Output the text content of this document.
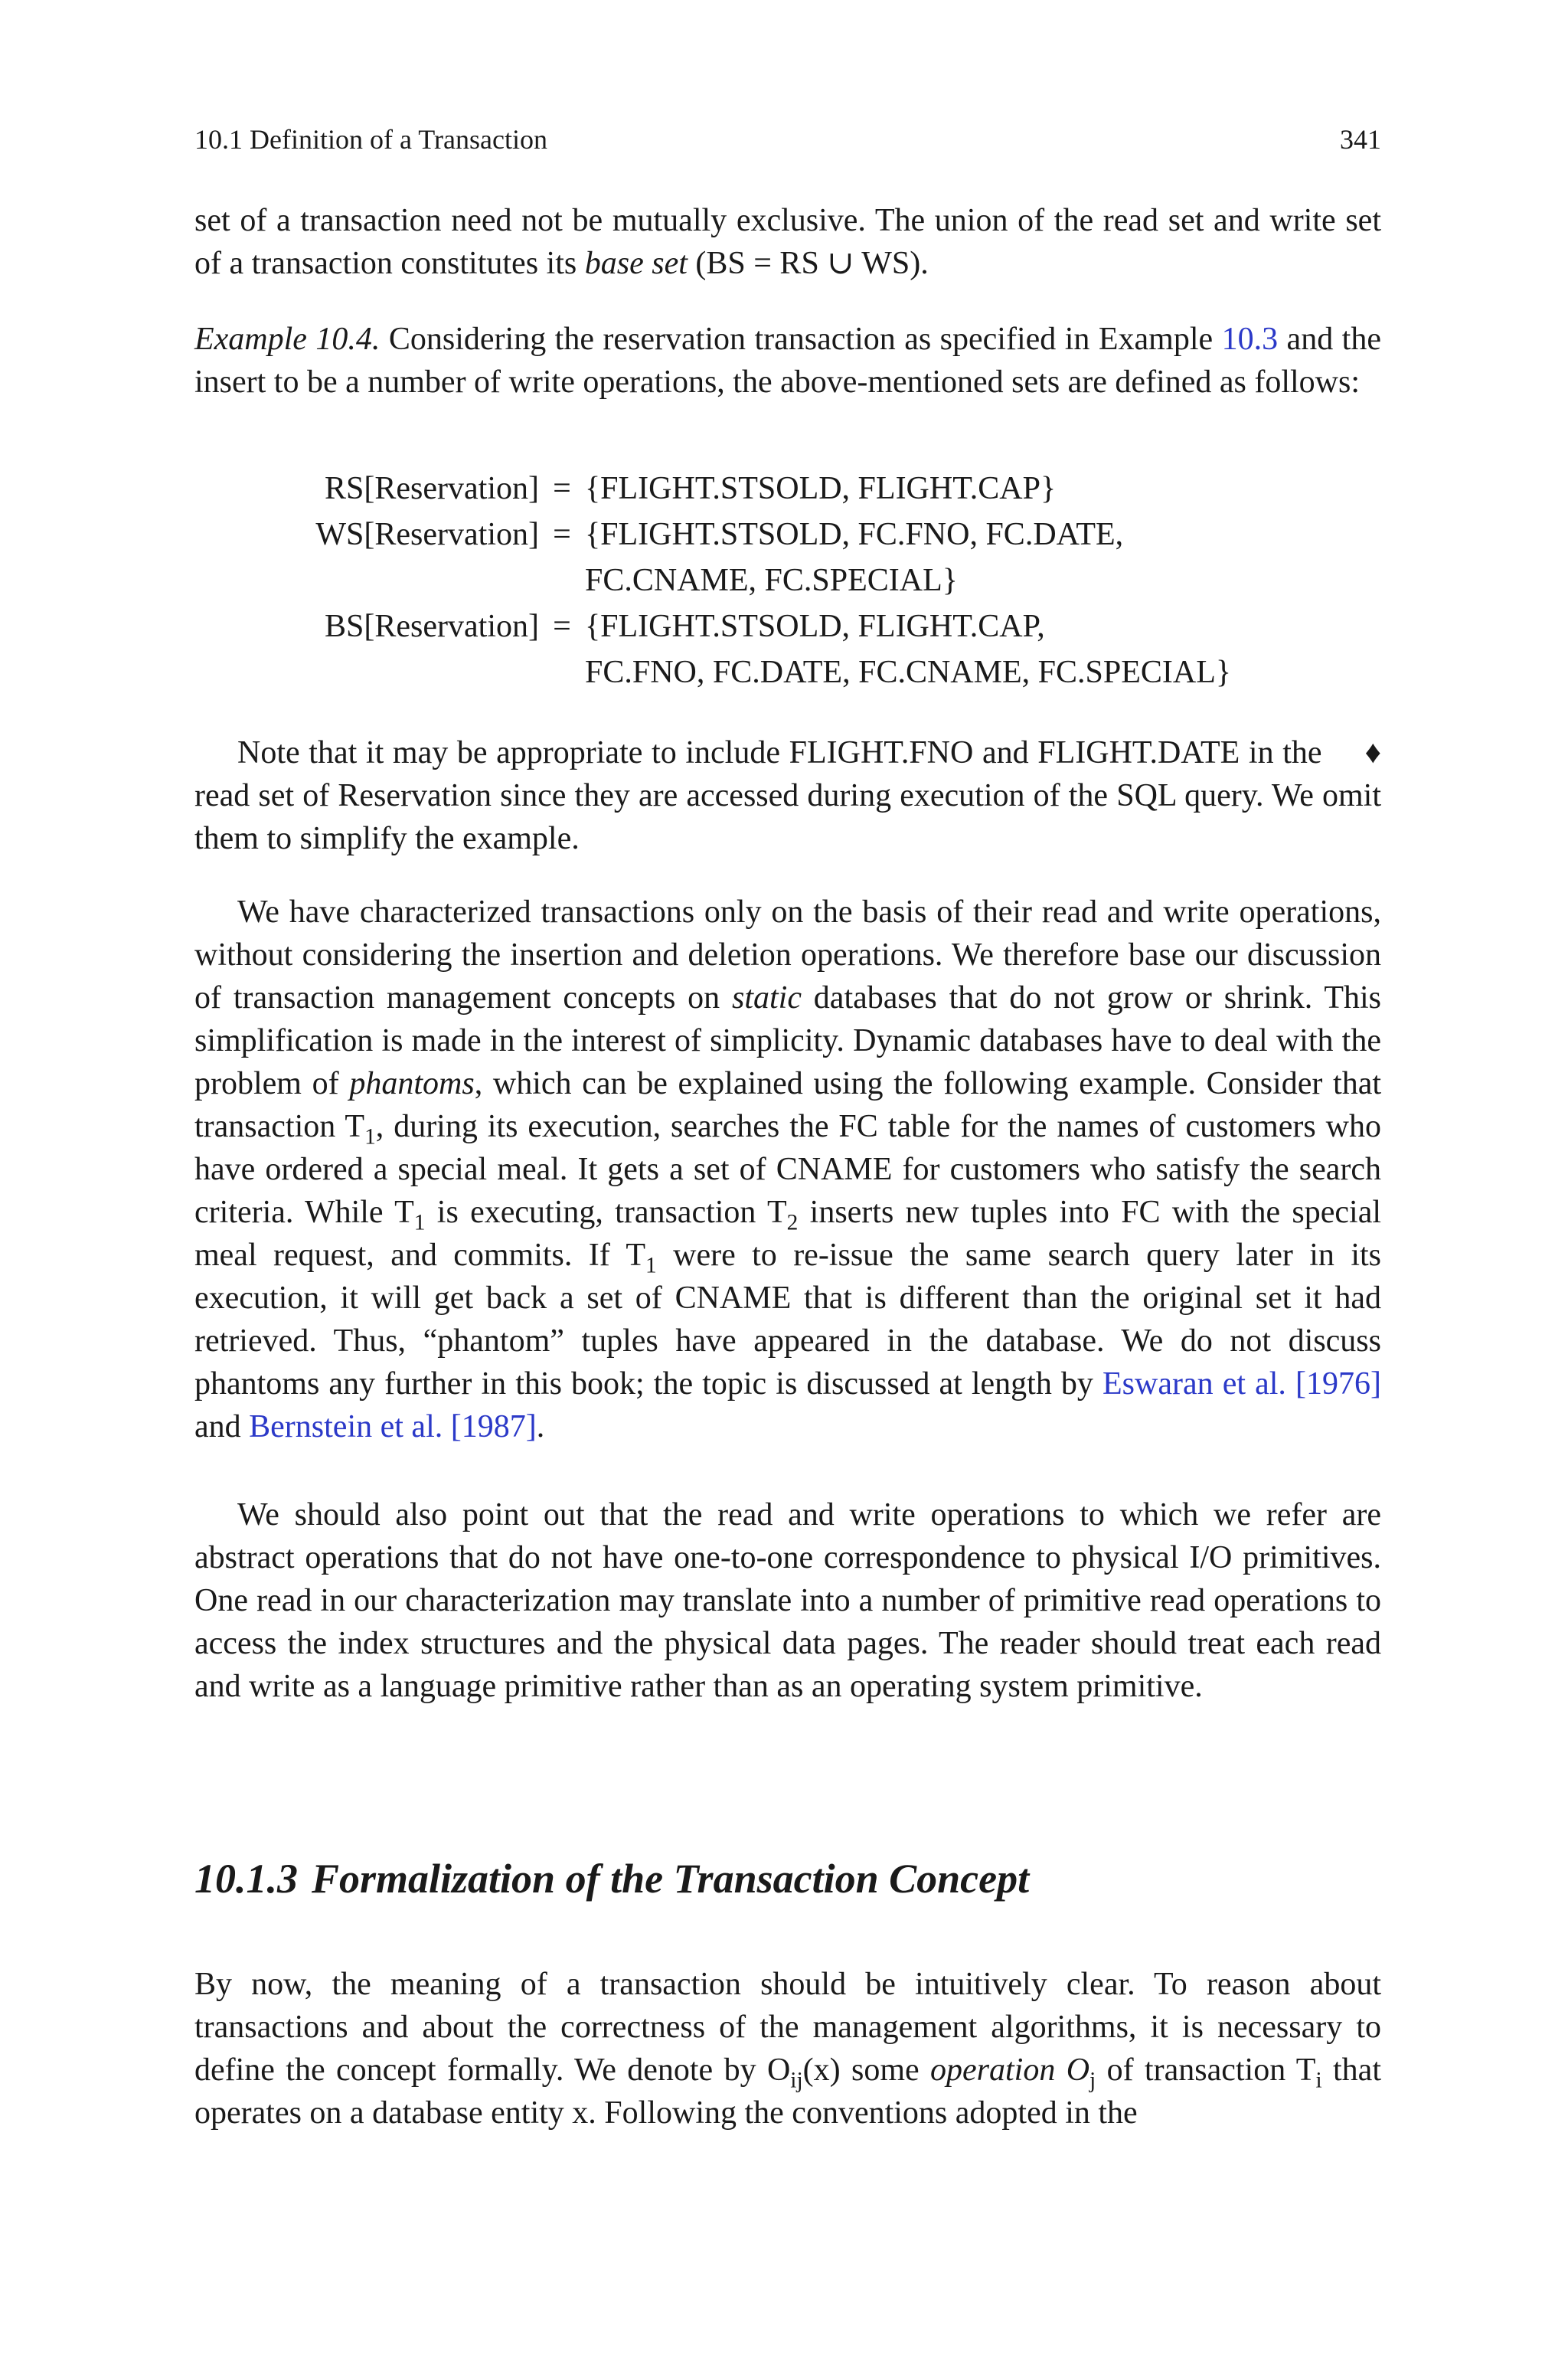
10.1 Definition of a Transaction	341

set of a transaction need not be mutually exclusive. The union of the read set and write set of a transaction constitutes its base set (BS = RS ∪ WS).

Example 10.4. Considering the reservation transaction as specified in Example 10.3 and the insert to be a number of write operations, the above-mentioned sets are defined as follows:

RS[Reservation] = {FLIGHT.STSOLD, FLIGHT.CAP}
WS[Reservation] = {FLIGHT.STSOLD, FC.FNO, FC.DATE,
FC.CNAME, FC.SPECIAL}
BS[Reservation] = {FLIGHT.STSOLD, FLIGHT.CAP,
FC.FNO, FC.DATE, FC.CNAME, FC.SPECIAL}

♦
Note that it may be appropriate to include FLIGHT.FNO and FLIGHT.DATE in the read set of Reservation since they are accessed during execution of the SQL query. We omit them to simplify the example.

We have characterized transactions only on the basis of their read and write operations, without considering the insertion and deletion operations. We therefore base our discussion of transaction management concepts on static databases that do not grow or shrink. This simplification is made in the interest of simplicity. Dynamic databases have to deal with the problem of phantoms, which can be explained using the following example. Consider that transaction $T_1$, during its execution, searches the FC table for the names of customers who have ordered a special meal. It gets a set of CNAME for customers who satisfy the search criteria. While $T_1$ is executing, transaction $T_2$ inserts new tuples into FC with the special meal request, and commits. If $T_1$ were to re-issue the same search query later in its execution, it will get back a set of CNAME that is different than the original set it had retrieved. Thus, “phantom” tuples have appeared in the database. We do not discuss phantoms any further in this book; the topic is discussed at length by Eswaran et al. [1976] and Bernstein et al. [1987].

We should also point out that the read and write operations to which we refer are abstract operations that do not have one-to-one correspondence to physical I/O primitives. One read in our characterization may translate into a number of primitive read operations to access the index structures and the physical data pages. The reader should treat each read and write as a language primitive rather than as an operating system primitive.

10.1.3 Formalization of the Transaction Concept

By now, the meaning of a transaction should be intuitively clear. To reason about transactions and about the correctness of the management algorithms, it is necessary to define the concept formally. We denote by $O_{ij}(x)$ some operation $O_j$ of transaction $T_i$ that operates on a database entity x. Following the conventions adopted in the
